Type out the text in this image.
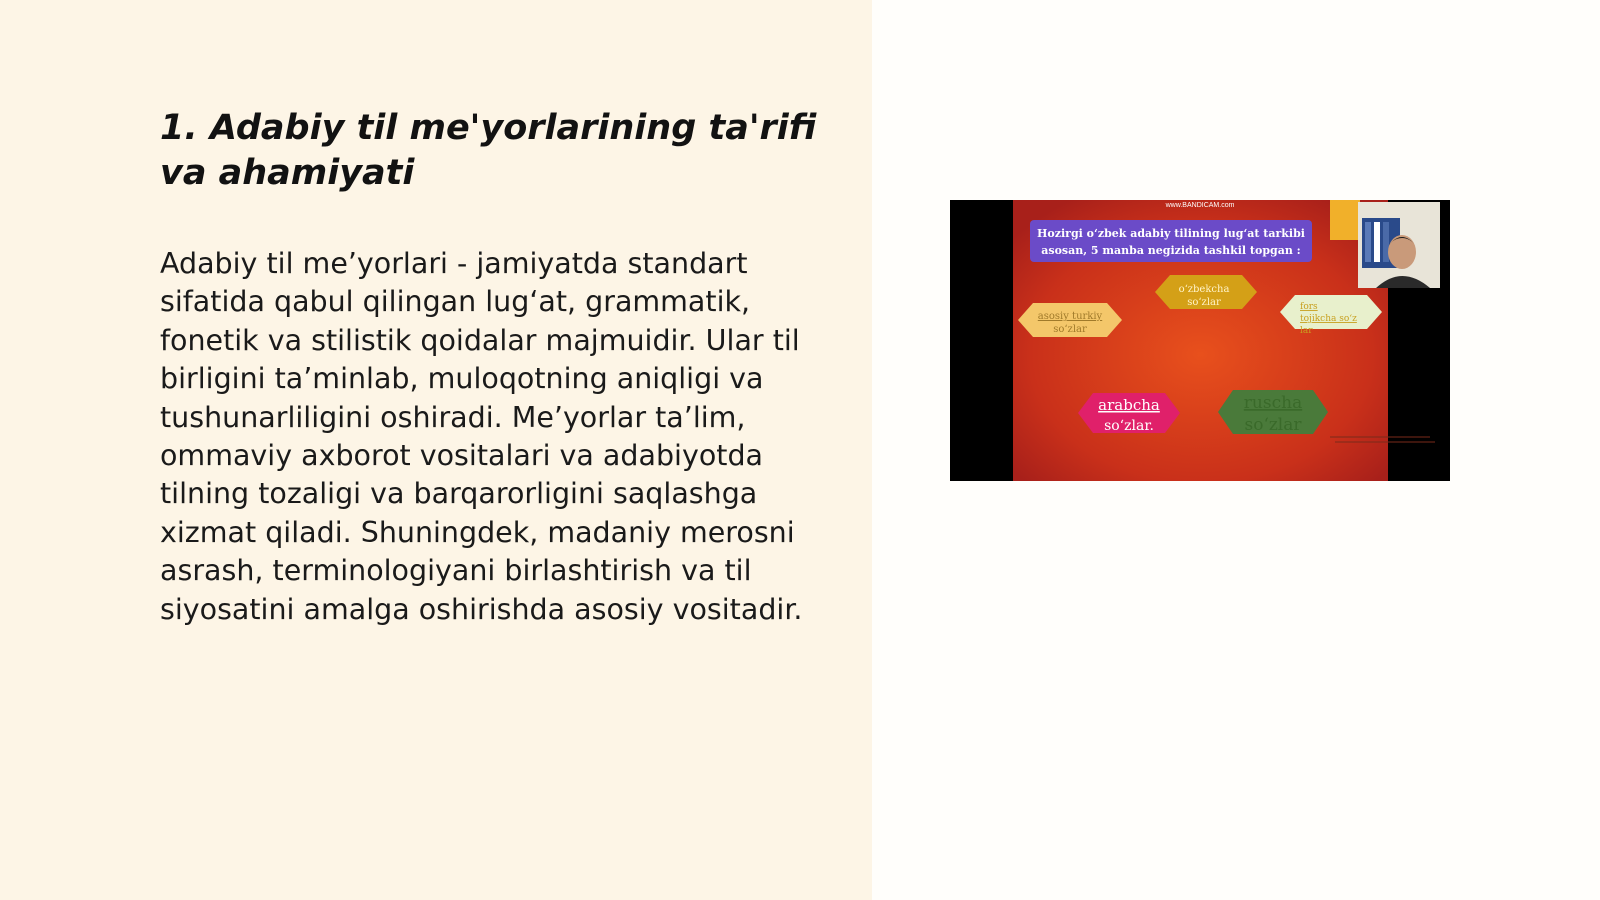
1. Adabiy til me'yorlarining ta'rifi va ahamiyati

Adabiy til me’yorlari - jamiyatda standart sifatida qabul qilingan lug‘at, grammatik, fonetik va stilistik qoidalar majmuidir. Ular til birligini ta’minlab, muloqotning aniqligi va tushunarliligini oshiradi. Me’yorlar ta’lim, ommaviy axborot vositalari va adabiyotda tilning tozaligi va barqarorligini saqlashga xizmat qiladi. Shuningdek, madaniy merosni asrash, terminologiyani birlashtirish va til siyosatini amalga oshirishda asosiy vositadir.

www.BANDICAM.com
Hozirgi o‘zbek adabiy tilining lug‘at tarkibi
asosan, 5 manba negizida tashkil topgan :
o‘zbekcha
so‘zlar
asosiy turkiy
so‘zlar
fors
tojikcha so‘z
lar
arabcha
so‘zlar.
ruscha
so‘zlar
